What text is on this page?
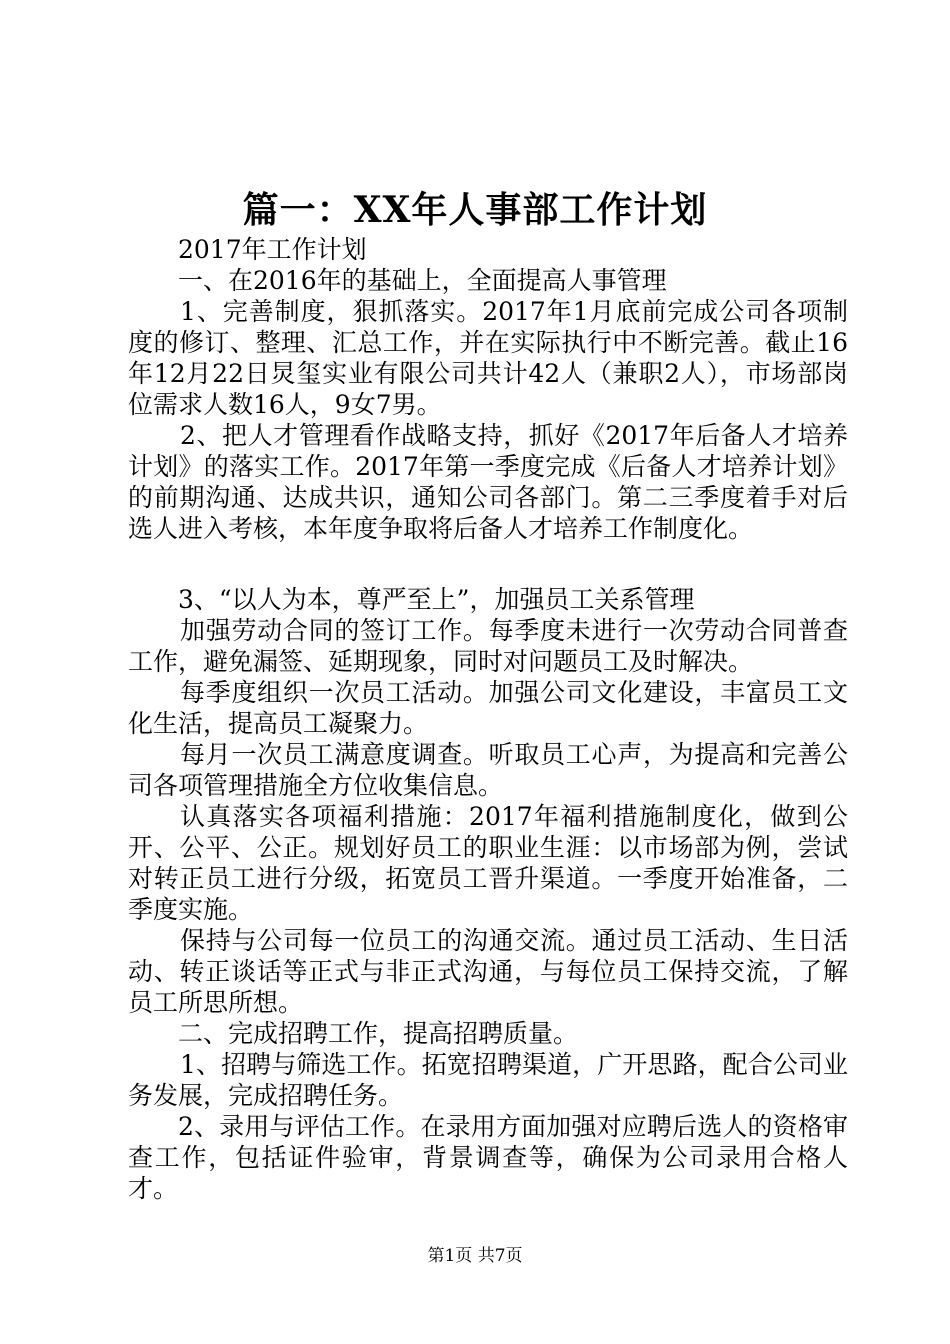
篇一：XX年人事部工作计划

2017年工作计划

一、在2016年的基础上，全面提高人事管理

1、完善制度，狠抓落实。2017年1月底前完成公司各项制度的修订、整理、汇总工作，并在实际执行中不断完善。截止16年12月22日炅玺实业有限公司共计42人（兼职2人），市场部岗位需求人数16人，9女7男。

2、把人才管理看作战略支持，抓好《2017年后备人才培养计划》的落实工作。2017年第一季度完成《后备人才培养计划》的前期沟通、达成共识，通知公司各部门。第二三季度着手对后选人进入考核，本年度争取将后备人才培养工作制度化。

3、“以人为本，尊严至上”，加强员工关系管理

加强劳动合同的签订工作。每季度未进行一次劳动合同普查工作，避免漏签、延期现象，同时对问题员工及时解决。

每季度组织一次员工活动。加强公司文化建设，丰富员工文化生活，提高员工凝聚力。

每月一次员工满意度调查。听取员工心声，为提高和完善公司各项管理措施全方位收集信息。

认真落实各项福利措施：2017年福利措施制度化，做到公开、公平、公正。规划好员工的职业生涯：以市场部为例，尝试对转正员工进行分级，拓宽员工晋升渠道。一季度开始准备，二季度实施。

保持与公司每一位员工的沟通交流。通过员工活动、生日活动、转正谈话等正式与非正式沟通，与每位员工保持交流，了解员工所思所想。

二、完成招聘工作，提高招聘质量。

1、招聘与筛选工作。拓宽招聘渠道，广开思路，配合公司业务发展，完成招聘任务。

2、录用与评估工作。在录用方面加强对应聘后选人的资格审查工作，包括证件验审，背景调查等，确保为公司录用合格人才。

第1页 共7页
